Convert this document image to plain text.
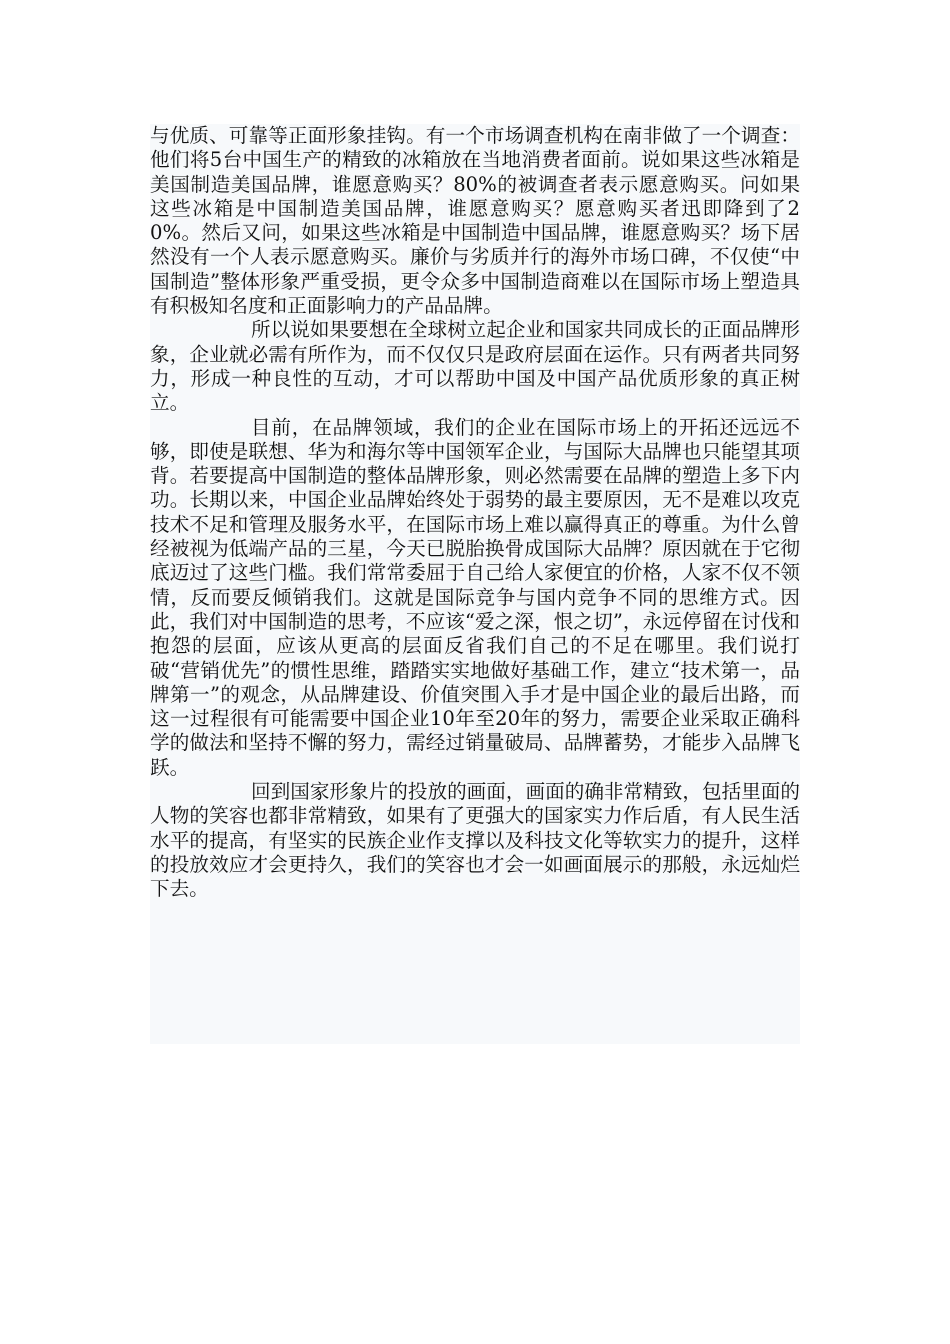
与优质、可靠等正面形象挂钩。有一个市场调查机构在南非做了一个调查：他们将5台中国生产的精致的冰箱放在当地消费者面前。说如果这些冰箱是美国制造美国品牌，谁愿意购买？80%的被调查者表示愿意购买。问如果这些冰箱是中国制造美国品牌，谁愿意购买？愿意购买者迅即降到了20%。然后又问，如果这些冰箱是中国制造中国品牌，谁愿意购买？场下居然没有一个人表示愿意购买。廉价与劣质并行的海外市场口碑，不仅使“中国制造”整体形象严重受损，更令众多中国制造商难以在国际市场上塑造具有积极知名度和正面影响力的产品品牌。

所以说如果要想在全球树立起企业和国家共同成长的正面品牌形象，企业就必需有所作为，而不仅仅只是政府层面在运作。只有两者共同努力，形成一种良性的互动，才可以帮助中国及中国产品优质形象的真正树立。

目前，在品牌领域，我们的企业在国际市场上的开拓还远远不够，即使是联想、华为和海尔等中国领军企业，与国际大品牌也只能望其项背。若要提高中国制造的整体品牌形象，则必然需要在品牌的塑造上多下内功。长期以来，中国企业品牌始终处于弱势的最主要原因，无不是难以攻克技术不足和管理及服务水平，在国际市场上难以赢得真正的尊重。为什么曾经被视为低端产品的三星，今天已脱胎换骨成国际大品牌？原因就在于它彻底迈过了这些门槛。我们常常委屈于自己给人家便宜的价格，人家不仅不领情，反而要反倾销我们。这就是国际竞争与国内竞争不同的思维方式。因此，我们对中国制造的思考，不应该“爱之深，恨之切”，永远停留在讨伐和抱怨的层面，应该从更高的层面反省我们自己的不足在哪里。我们说打破“营销优先”的惯性思维，踏踏实实地做好基础工作，建立“技术第一，品牌第一”的观念，从品牌建设、价值突围入手才是中国企业的最后出路，而这一过程很有可能需要中国企业10年至20年的努力，需要企业采取正确科学的做法和坚持不懈的努力，需经过销量破局、品牌蓄势，才能步入品牌飞跃。

回到国家形象片的投放的画面，画面的确非常精致，包括里面的人物的笑容也都非常精致，如果有了更强大的国家实力作后盾，有人民生活水平的提高，有坚实的民族企业作支撑以及科技文化等软实力的提升，这样的投放效应才会更持久，我们的笑容也才会一如画面展示的那般，永远灿烂下去。
